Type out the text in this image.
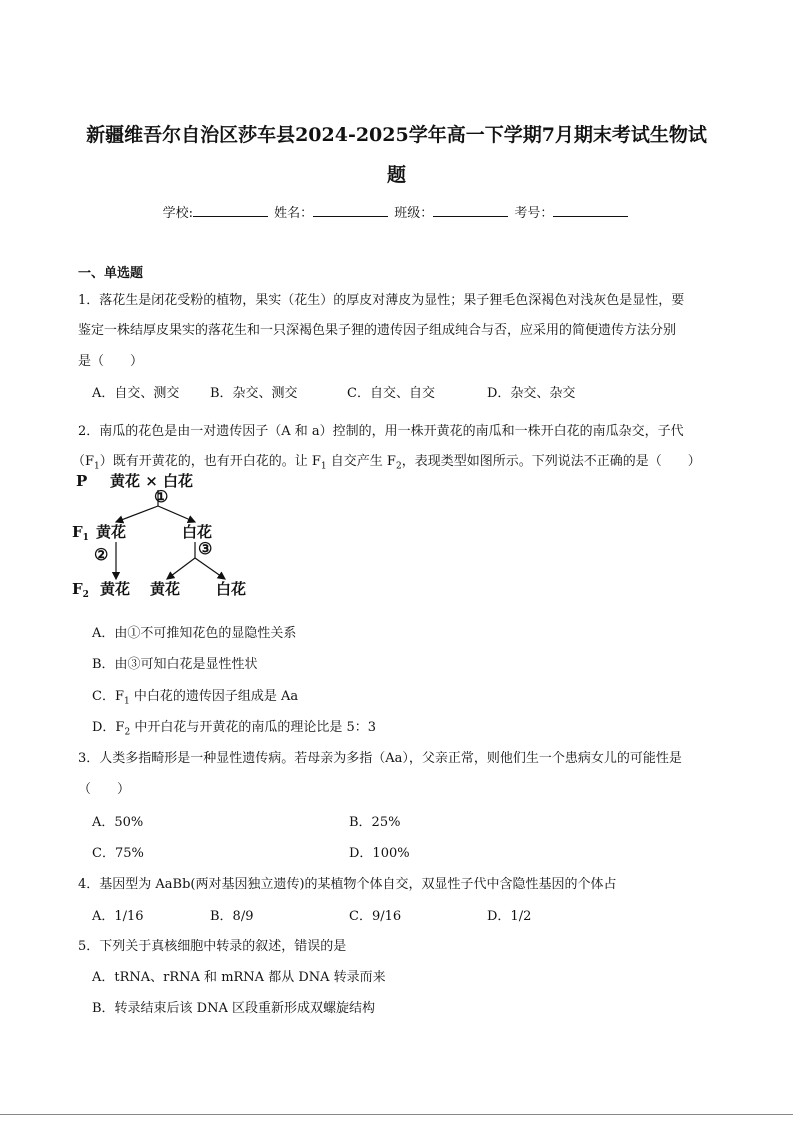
新疆维吾尔自治区莎车县2024-2025学年高一下学期7月期末考试生物试
题
学校:	姓名：	班级：	考号：
一、单选题
1．落花生是闭花受粉的植物，果实（花生）的厚皮对薄皮为显性；果子狸毛色深褐色对浅灰色是显性，要
鉴定一株结厚皮果实的落花生和一只深褐色果子狸的遗传因子组成纯合与否，应采用的简便遗传方法分别
是（　　）
A．自交、测交 B．杂交、测交	C．自交、自交	D．杂交、杂交
2．南瓜的花色是由一对遗传因子（A 和 a）控制的，用一株开黄花的南瓜和一株开白花的南瓜杂交，子代
$(F_1)$既有开黄花的，也有开白花的。让 $F_1$ 自交产生 $F_2$，表现类型如图所示。下列说法不正确的是（　　）
P 黄花 × 白花
①
$F_1$ 黄花	白花
②	③
$F_2$ 黄花 黄花 白花
A．由①不可推知花色的显隐性关系
B．由③可知白花是显性性状
C．$F_1$ 中白花的遗传因子组成是 Aa
D．$F_2$ 中开白花与开黄花的南瓜的理论比是 5：3
3．人类多指畸形是一种显性遗传病。若母亲为多指（Aa），父亲正常，则他们生一个患病女儿的可能性是
（　　）
A．50%	B．25%
C．75%	D．100%
4．基因型为 AaBb(两对基因独立遗传)的某植物个体自交，双显性子代中含隐性基因的个体占
A．1/16	B．8/9	C．9/16	D．1/2
5．下列关于真核细胞中转录的叙述，错误的是
A．tRNA、rRNA 和 mRNA 都从 DNA 转录而来
B．转录结束后该 DNA 区段重新形成双螺旋结构
